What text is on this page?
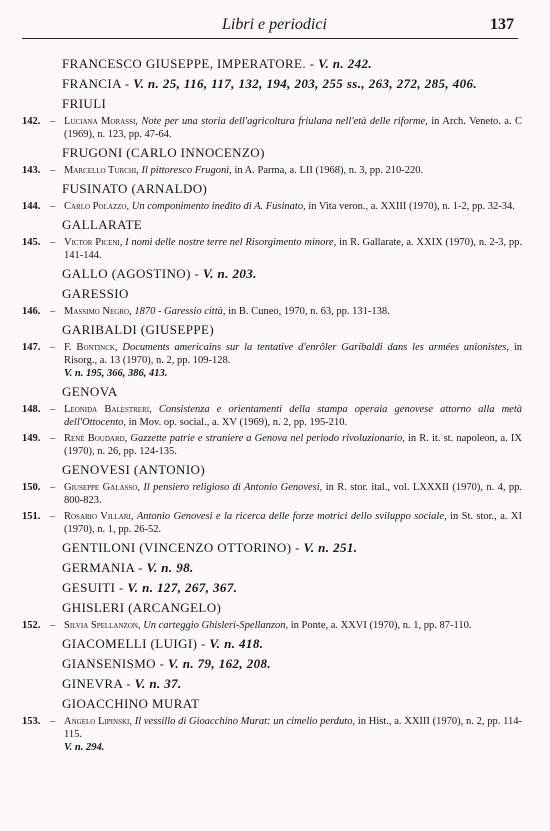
Libri e periodici	137
FRANCESCO GIUSEPPE, IMPERATORE. - V. n. 242.
FRANCIA - V. n. 25, 116, 117, 132, 194, 203, 255 ss., 263, 272, 285, 406.
FRIULI
142. – Luciana Morassi, Note per una storia dell'agricoltura friulana nell'età delle riforme, in Arch. Veneto. a. C (1969), n. 123, pp. 47-64.
FRUGONI (CARLO INNOCENZO)
143. – Marcello Turchi, Il pittoresco Frugoni, in A. Parma, a. LII (1968), n. 3, pp. 210-220.
FUSINATO (ARNALDO)
144. – Carlo Polazzo, Un componimento inedito di A. Fusinato, in Vita veron., a. XXIII (1970), n. 1-2, pp. 32-34.
GALLARATE
145. – Victor Piceni, I nomi delle nostre terre nel Risorgimento minore, in R. Gallarate, a. XXIX (1970), n. 2-3, pp. 141-144.
GALLO (AGOSTINO) - V. n. 203.
GARESSIO
146. – Massimo Negro, 1870 - Garessio città, in B. Cuneo, 1970, n. 63, pp. 131-138.
GARIBALDI (GIUSEPPE)
147. – F. Bontinck, Documents americains sur la tentative d'enrôler Garibaldi dans les armées unionistes, in Risorg., a. 13 (1970), n. 2, pp. 109-128.
V. n. 195, 366, 386, 413.
GENOVA
148. – Leonida Balestreri, Consistenza e orientamenti della stampa operaia genovese attorno alla metà dell'Ottocento, in Mov. op. social., a. XV (1969), n. 2, pp. 195-210.
149. – René Boudard, Gazzette patrie e straniere a Genova nel periodo rivoluzionario, in R. it. st. napoleon, a. IX (1970), n. 26, pp. 124-135.
GENOVESI (ANTONIO)
150. – Giuseppe Galasso, Il pensiero religioso di Antonio Genovesi, in R. stor. ital., vol. LXXXII (1970), n. 4, pp. 800-823.
151. – Rosario Villari, Antonio Genovesi e la ricerca delle forze motrici dello sviluppo sociale, in St. stor., a. XI (1970), n. 1, pp. 26-52.
GENTILONI (VINCENZO OTTORINO) - V. n. 251.
GERMANIA - V. n. 98.
GESUITI - V. n. 127, 267, 367.
GHISLERI (ARCANGELO)
152. – Silvia Spellanzon, Un carteggio Ghisleri-Spellanzon, in Ponte, a. XXVI (1970), n. 1, pp. 87-110.
GIACOMELLI (LUIGI) - V. n. 418.
GIANSENISMO - V. n. 79, 162, 208.
GINEVRA - V. n. 37.
GIOACCHINO MURAT
153. – Angelo Lipinski, Il vessillo di Gioacchino Murat: un cimelio perduto, in Hist., a. XXIII (1970), n. 2, pp. 114-115.
V. n. 294.
